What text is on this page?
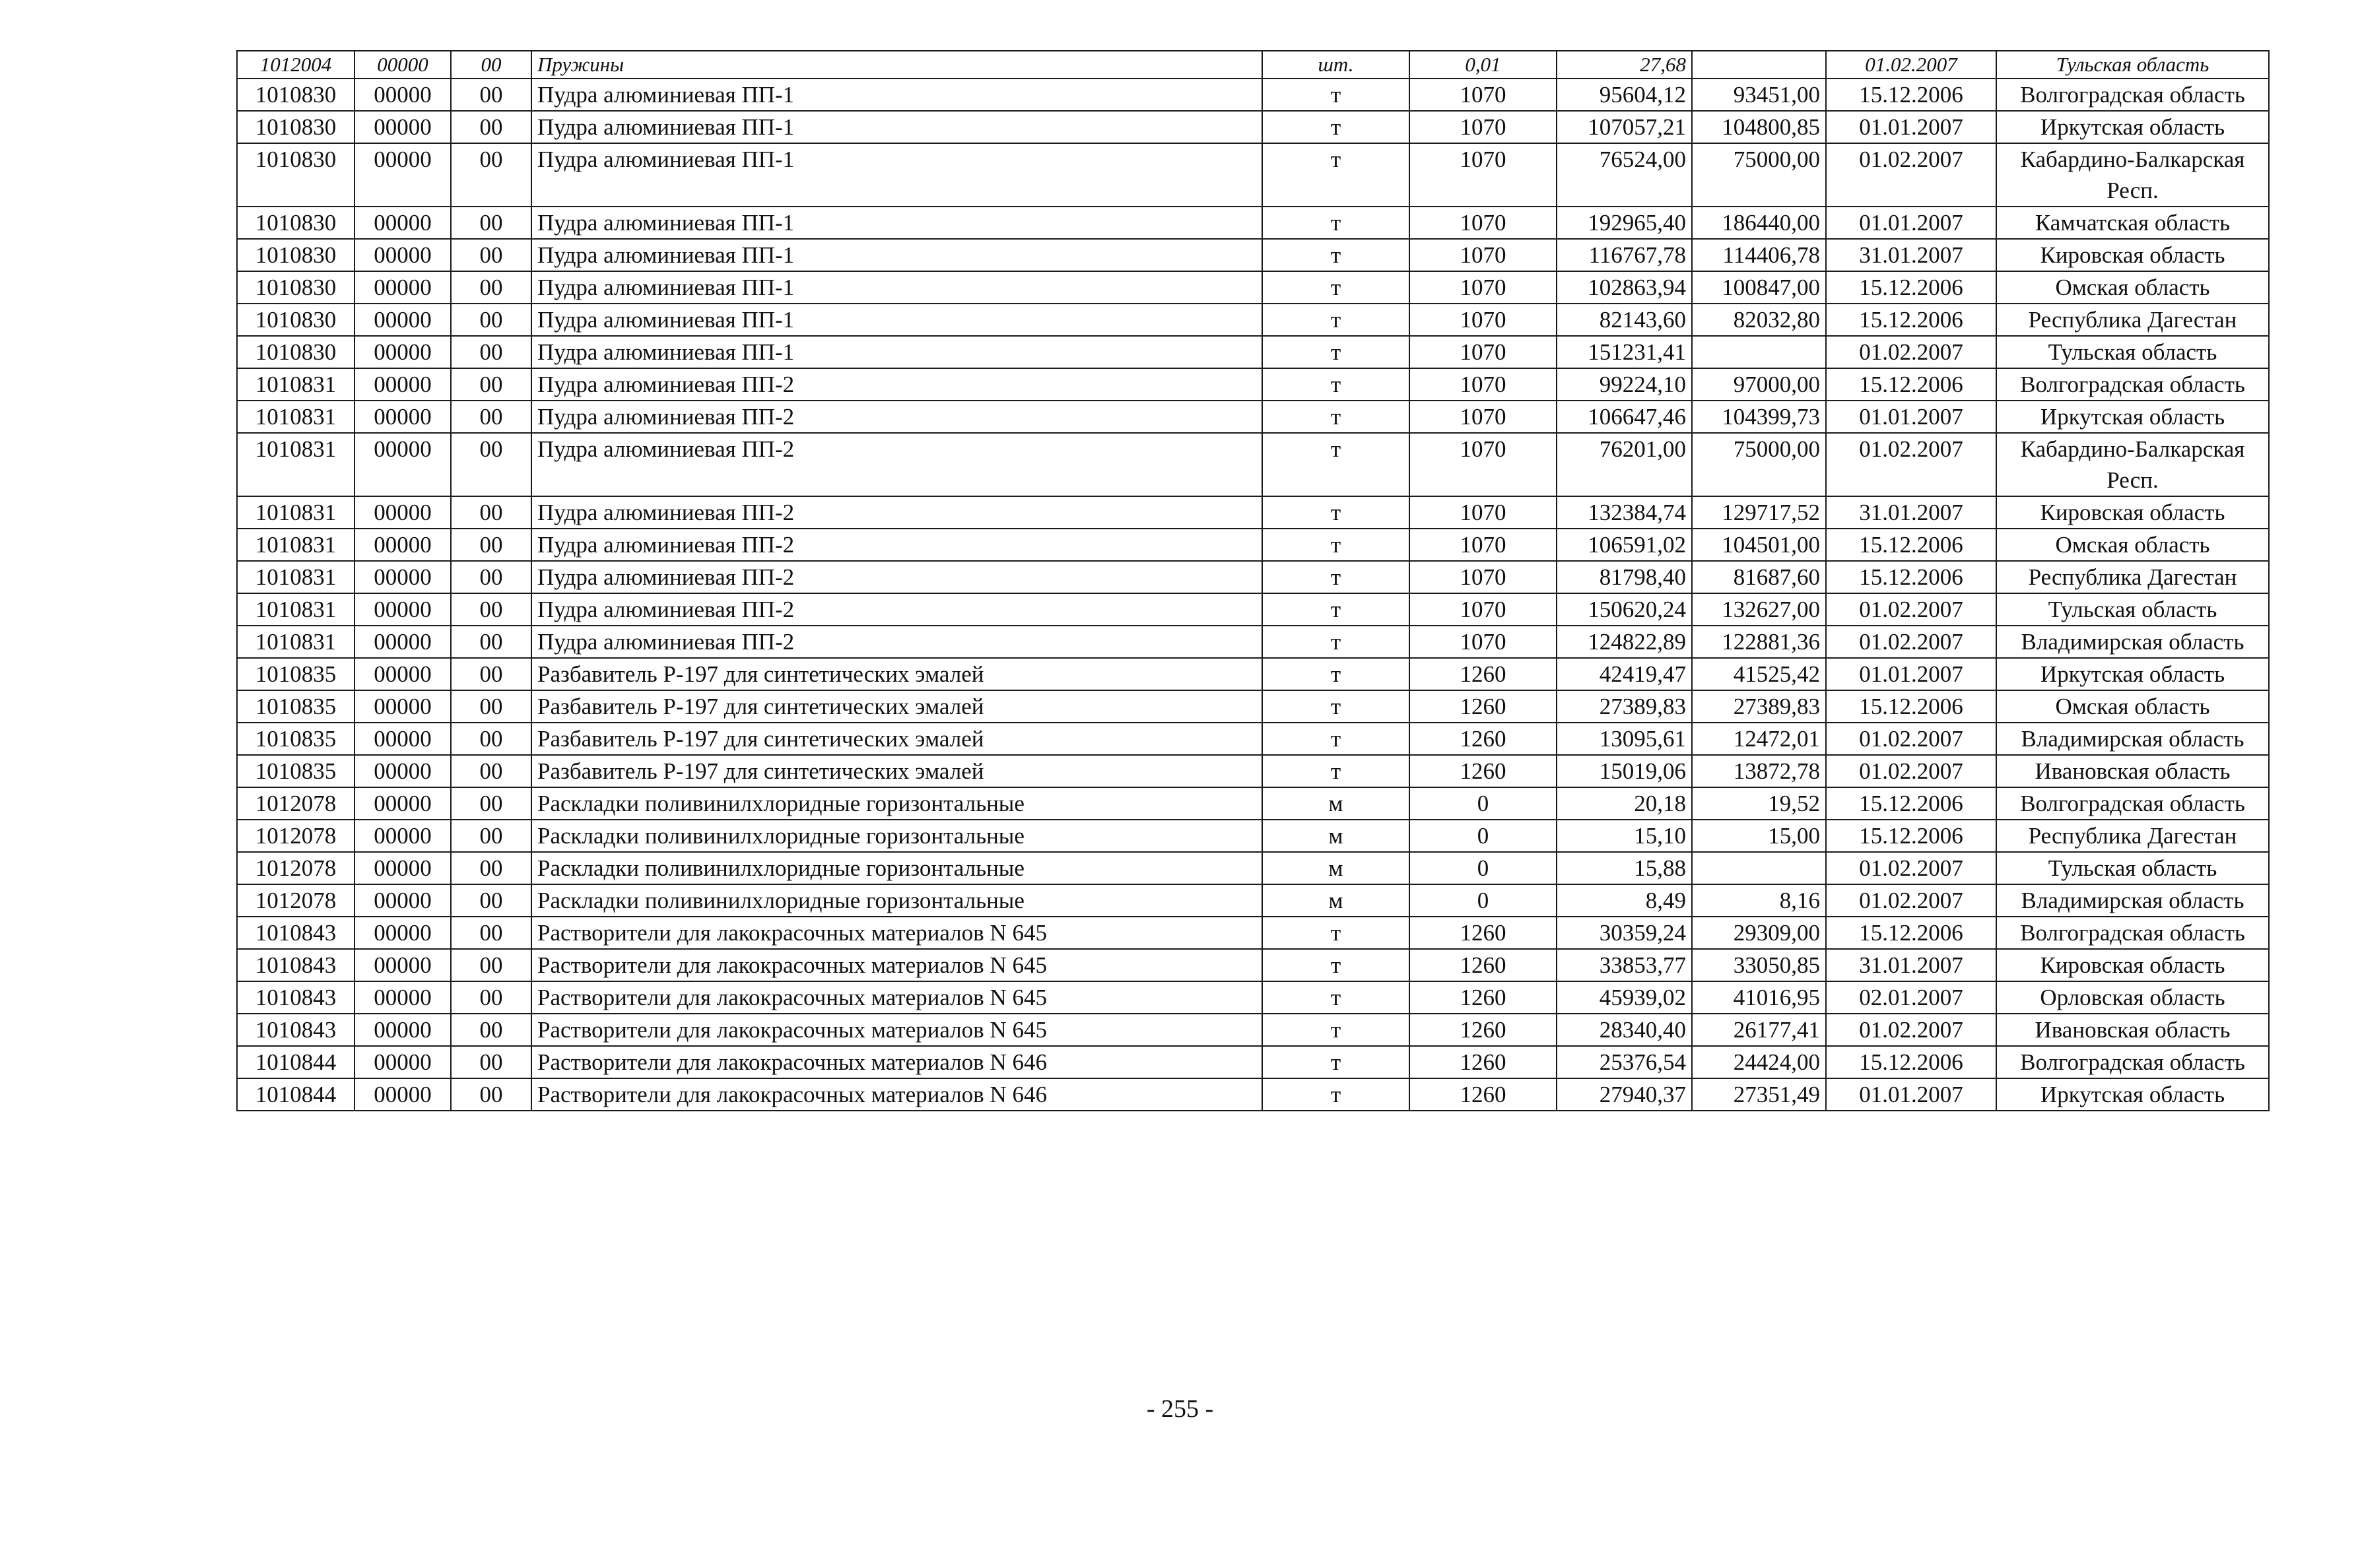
1012004	00000	00	Пружины	шт.	0,01	27,68		01.02.2007	Тульская область
1010830	00000	00	Пудра алюминиевая ПП-1	т	1070	95604,12	93451,00	15.12.2006	Волгоградская область
1010830	00000	00	Пудра алюминиевая ПП-1	т	1070	107057,21	104800,85	01.01.2007	Иркутская область
1010830	00000	00	Пудра алюминиевая ПП-1	т	1070	76524,00	75000,00	01.02.2007	Кабардино-Балкарская Респ.
1010830	00000	00	Пудра алюминиевая ПП-1	т	1070	192965,40	186440,00	01.01.2007	Камчатская область
1010830	00000	00	Пудра алюминиевая ПП-1	т	1070	116767,78	114406,78	31.01.2007	Кировская область
1010830	00000	00	Пудра алюминиевая ПП-1	т	1070	102863,94	100847,00	15.12.2006	Омская область
1010830	00000	00	Пудра алюминиевая ПП-1	т	1070	82143,60	82032,80	15.12.2006	Республика Дагестан
1010830	00000	00	Пудра алюминиевая ПП-1	т	1070	151231,41		01.02.2007	Тульская область
1010831	00000	00	Пудра алюминиевая ПП-2	т	1070	99224,10	97000,00	15.12.2006	Волгоградская область
1010831	00000	00	Пудра алюминиевая ПП-2	т	1070	106647,46	104399,73	01.01.2007	Иркутская область
1010831	00000	00	Пудра алюминиевая ПП-2	т	1070	76201,00	75000,00	01.02.2007	Кабардино-Балкарская Респ.
1010831	00000	00	Пудра алюминиевая ПП-2	т	1070	132384,74	129717,52	31.01.2007	Кировская область
1010831	00000	00	Пудра алюминиевая ПП-2	т	1070	106591,02	104501,00	15.12.2006	Омская область
1010831	00000	00	Пудра алюминиевая ПП-2	т	1070	81798,40	81687,60	15.12.2006	Республика Дагестан
1010831	00000	00	Пудра алюминиевая ПП-2	т	1070	150620,24	132627,00	01.02.2007	Тульская область
1010831	00000	00	Пудра алюминиевая ПП-2	т	1070	124822,89	122881,36	01.02.2007	Владимирская область
1010835	00000	00	Разбавитель Р-197 для синтетических эмалей	т	1260	42419,47	41525,42	01.01.2007	Иркутская область
1010835	00000	00	Разбавитель Р-197 для синтетических эмалей	т	1260	27389,83	27389,83	15.12.2006	Омская область
1010835	00000	00	Разбавитель Р-197 для синтетических эмалей	т	1260	13095,61	12472,01	01.02.2007	Владимирская область
1010835	00000	00	Разбавитель Р-197 для синтетических эмалей	т	1260	15019,06	13872,78	01.02.2007	Ивановская область
1012078	00000	00	Раскладки поливинилхлоридные горизонтальные	м	0	20,18	19,52	15.12.2006	Волгоградская область
1012078	00000	00	Раскладки поливинилхлоридные горизонтальные	м	0	15,10	15,00	15.12.2006	Республика Дагестан
1012078	00000	00	Раскладки поливинилхлоридные горизонтальные	м	0	15,88		01.02.2007	Тульская область
1012078	00000	00	Раскладки поливинилхлоридные горизонтальные	м	0	8,49	8,16	01.02.2007	Владимирская область
1010843	00000	00	Растворители для лакокрасочных материалов N 645	т	1260	30359,24	29309,00	15.12.2006	Волгоградская область
1010843	00000	00	Растворители для лакокрасочных материалов N 645	т	1260	33853,77	33050,85	31.01.2007	Кировская область
1010843	00000	00	Растворители для лакокрасочных материалов N 645	т	1260	45939,02	41016,95	02.01.2007	Орловская область
1010843	00000	00	Растворители для лакокрасочных материалов N 645	т	1260	28340,40	26177,41	01.02.2007	Ивановская область
1010844	00000	00	Растворители для лакокрасочных материалов N 646	т	1260	25376,54	24424,00	15.12.2006	Волгоградская область
1010844	00000	00	Растворители для лакокрасочных материалов N 646	т	1260	27940,37	27351,49	01.01.2007	Иркутская область
- 255 -
